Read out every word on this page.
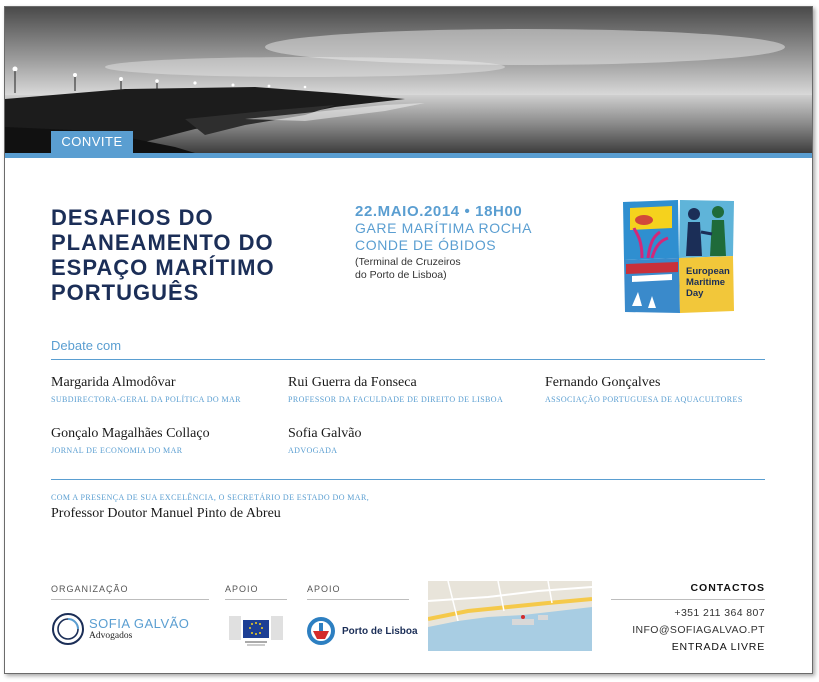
CONVITE
DESAFIOS DO
PLANEAMENTO DO
ESPAÇO MARÍTIMO
PORTUGUÊS
22.MAIO.2014 • 18H00
GARE MARÍTIMA ROCHA
CONDE DE ÓBIDOS
(Terminal de Cruzeiros
do Porto de Lisboa)	European
Maritime
Day
Debate com
Margarida Almodôvar
SUBDIRECTORA-GERAL DA POLÍTICA DO MAR
Rui Guerra da Fonseca
PROFESSOR DA FACULDADE DE DIREITO DE LISBOA
Fernando Gonçalves
ASSOCIAÇÃO PORTUGUESA DE AQUACULTORES
Gonçalo Magalhães Collaço
JORNAL DE ECONOMIA DO MAR
Sofia Galvão
ADVOGADA
COM A PRESENÇA DE SUA EXCELÊNCIA, O SECRETÁRIO DE ESTADO DO MAR,
Professor Doutor Manuel Pinto de Abreu
ORGANIZAÇÃO	APOIO	APOIO	CONTACTOS
SOFIA GALVÃO
Advogados	Porto de Lisboa
+351 211 364 807
INFO@SOFIAGALVAO.PT
ENTRADA LIVRE
